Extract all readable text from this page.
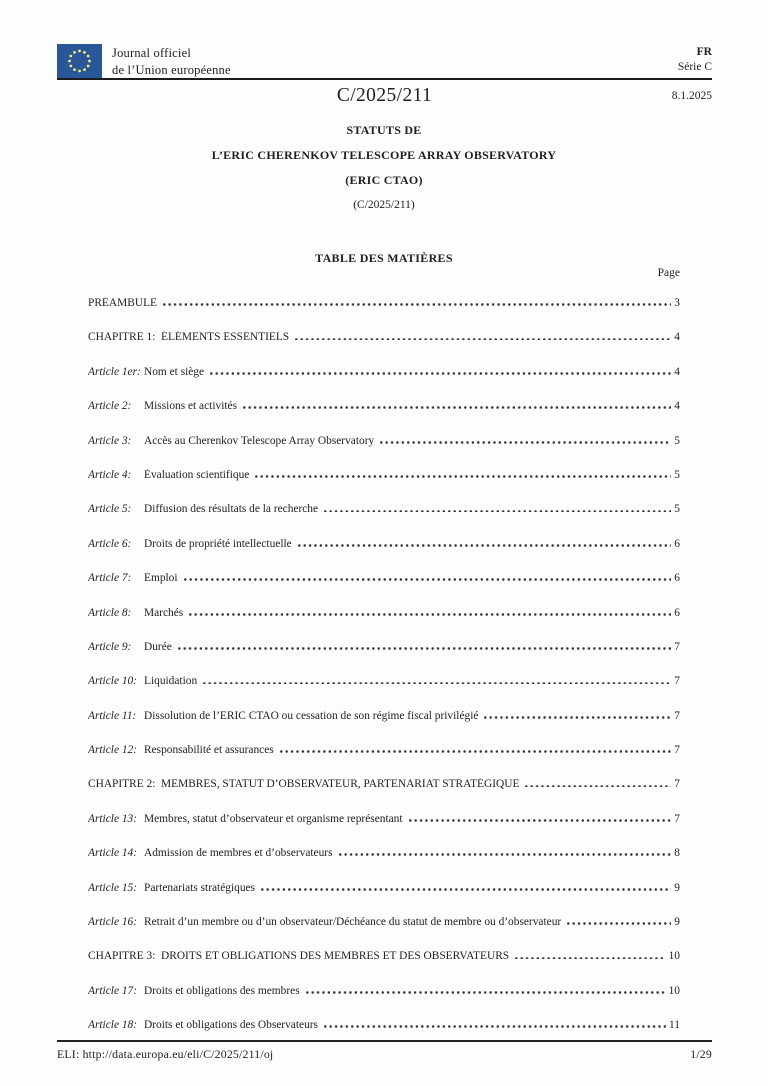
Journal officiel
de l’Union européenne
FR
Série C
C/2025/211	8.1.2025
STATUTS DE
L’ERIC CHERENKOV TELESCOPE ARRAY OBSERVATORY
(ERIC CTAO)
(C/2025/211)
TABLE DES MATIÈRES
Page
PRÉAMBULE	3
CHAPITRE 1: ÉLÉMENTS ESSENTIELS	4
Article 1er: Nom et siège	4
Article 2:	Missions et activités	4
Article 3:	Accès au Cherenkov Telescope Array Observatory	5
Article 4:	Évaluation scientifique	5
Article 5:	Diffusion des résultats de la recherche	5
Article 6:	Droits de propriété intellectuelle	6
Article 7:	Emploi	6
Article 8:	Marchés	6
Article 9:	Durée	7
Article 10: Liquidation	7
Article 11: Dissolution de l’ERIC CTAO ou cessation de son régime fiscal privilégié	7
Article 12: Responsabilité et assurances	7
CHAPITRE 2: MEMBRES, STATUT D’OBSERVATEUR, PARTENARIAT STRATÉGIQUE	7
Article 13: Membres, statut d’observateur et organisme représentant	7
Article 14: Admission de membres et d’observateurs	8
Article 15: Partenariats stratégiques	9
Article 16: Retrait d’un membre ou d’un observateur/Déchéance du statut de membre ou d’observateur	9
CHAPITRE 3: DROITS ET OBLIGATIONS DES MEMBRES ET DES OBSERVATEURS	10
Article 17: Droits et obligations des membres	10
Article 18: Droits et obligations des Observateurs	11
ELI: http://data.europa.eu/eli/C/2025/211/oj	1/29
